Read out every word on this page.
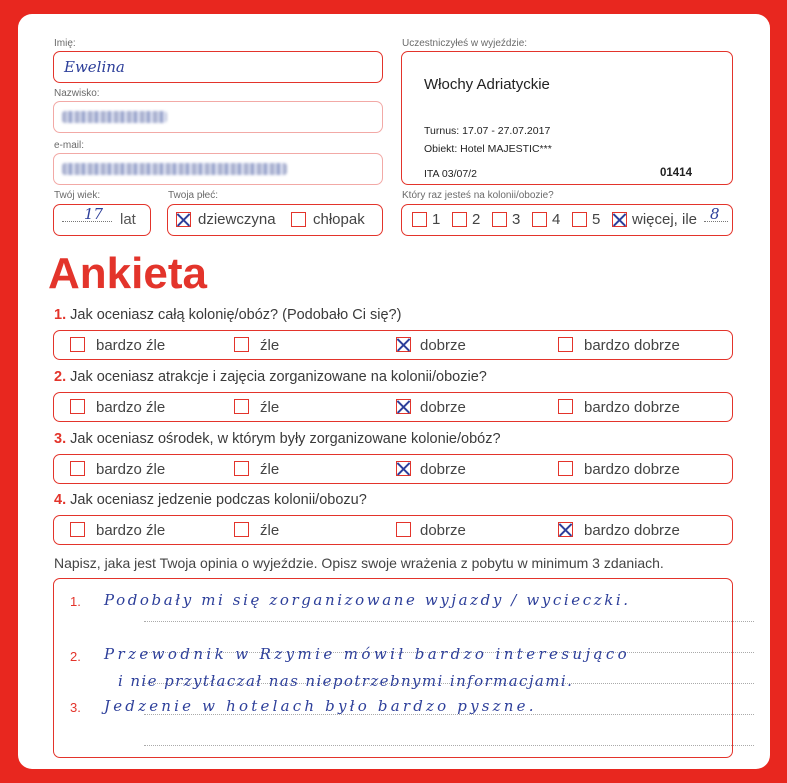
Imię:
Ewelina
Nazwisko:
e-mail:
Twój wiek:
17 lat
Twoja płeć:
dziewczyna chłopak
Uczestniczyłeś w wyjeździe:
Włochy Adriatyckie
Turnus: 17.07 - 27.07.2017
Obiekt: Hotel MAJESTIC***
ITA 03/07/2	01414
Który raz jesteś na kolonii/obozie?
1 2 3 4 5 więcej, ile 8
Ankieta
1. Jak oceniasz całą kolonię/obóz? (Podobało Ci się?)
bardzo źle	źle	dobrze	bardzo dobrze
2. Jak oceniasz atrakcje i zajęcia zorganizowane na kolonii/obozie?
bardzo źle	źle	dobrze	bardzo dobrze
3. Jak oceniasz ośrodek, w którym były zorganizowane kolonie/obóz?
bardzo źle	źle	dobrze	bardzo dobrze
4. Jak oceniasz jedzenie podczas kolonii/obozu?
bardzo źle	źle	dobrze	bardzo dobrze
Napisz, jaka jest Twoja opinia o wyjeździe. Opisz swoje wrażenia z pobytu w minimum 3 zdaniach.
1.
2.
3.
Podobały mi się zorganizowane wyjazdy / wycieczki.
Przewodnik w Rzymie mówił bardzo interesująco
i nie przytłaczał nas niepotrzebnymi informacjami.
Jedzenie w hotelach było bardzo pyszne.
